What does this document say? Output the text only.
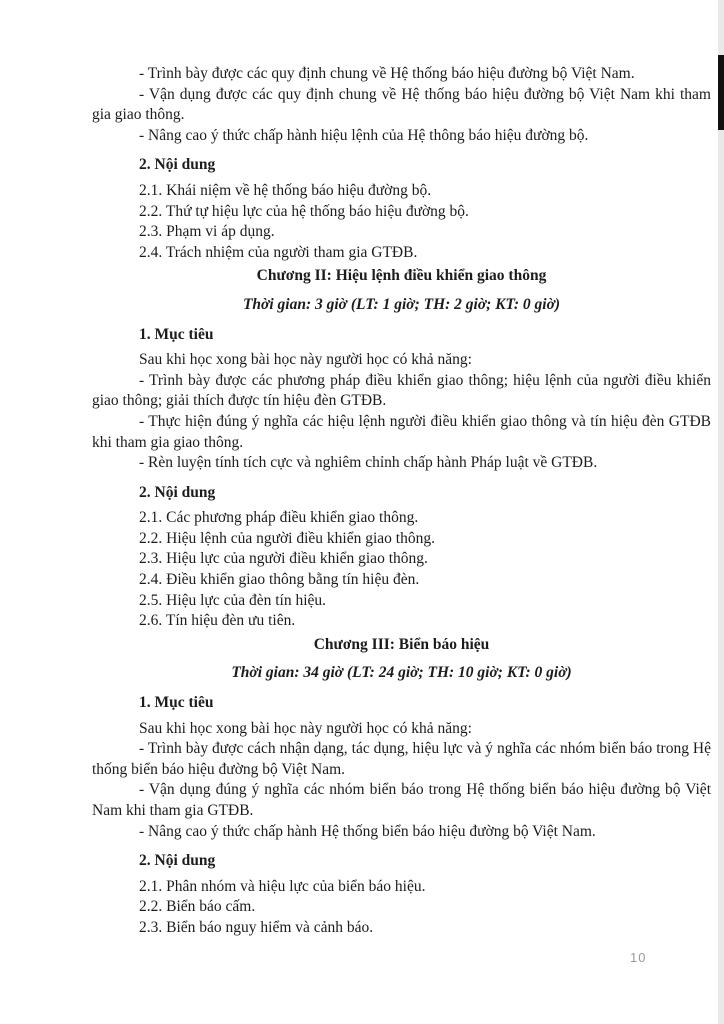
- Trình bày được các quy định chung về Hệ thống báo hiệu đường bộ Việt Nam.

- Vận dụng được các quy định chung về Hệ thống báo hiệu đường bộ Việt Nam khi tham gia giao thông.

- Nâng cao ý thức chấp hành hiệu lệnh của Hệ thông báo hiệu đường bộ.

2. Nội dung

2.1. Khái niệm về hệ thống báo hiệu đường bộ.

2.2. Thứ tự hiệu lực của hệ thống báo hiệu đường bộ.

2.3. Phạm vi áp dụng.

2.4. Trách nhiệm của người tham gia GTĐB.

Chương II: Hiệu lệnh điều khiển giao thông

Thời gian: 3 giờ (LT: 1 giờ; TH: 2 giờ; KT: 0 giờ)

1. Mục tiêu

Sau khi học xong bài học này người học có khả năng:

- Trình bày được các phương pháp điều khiển giao thông; hiệu lệnh của người điều khiển giao thông; giải thích được tín hiệu đèn GTĐB.

- Thực hiện đúng ý nghĩa các hiệu lệnh người điều khiển giao thông và tín hiệu đèn GTĐB khi tham gia giao thông.

- Rèn luyện tính tích cực và nghiêm chỉnh chấp hành Pháp luật về GTĐB.

2. Nội dung

2.1. Các phương pháp điều khiển giao thông.

2.2. Hiệu lệnh của người điều khiển giao thông.

2.3. Hiệu lực của người điều khiển giao thông.

2.4. Điều khiển giao thông bằng tín hiệu đèn.

2.5. Hiệu lực của đèn tín hiệu.

2.6. Tín hiệu đèn ưu tiên.

Chương III: Biển báo hiệu

Thời gian: 34 giờ (LT: 24 giờ; TH: 10 giờ; KT: 0 giờ)

1. Mục tiêu

Sau khi học xong bài học này người học có khả năng:

- Trình bày được cách nhận dạng, tác dụng, hiệu lực và ý nghĩa các nhóm biển báo trong Hệ thống biển báo hiệu đường bộ Việt Nam.

- Vận dụng đúng ý nghĩa các nhóm biển báo trong Hệ thống biển báo hiệu đường bộ Việt Nam khi tham gia GTĐB.

- Nâng cao ý thức chấp hành Hệ thống biển báo hiệu đường bộ Việt Nam.

2. Nội dung

2.1. Phân nhóm và hiệu lực của biển báo hiệu.

2.2. Biển báo cấm.

2.3. Biển báo nguy hiểm và cảnh báo.

10
